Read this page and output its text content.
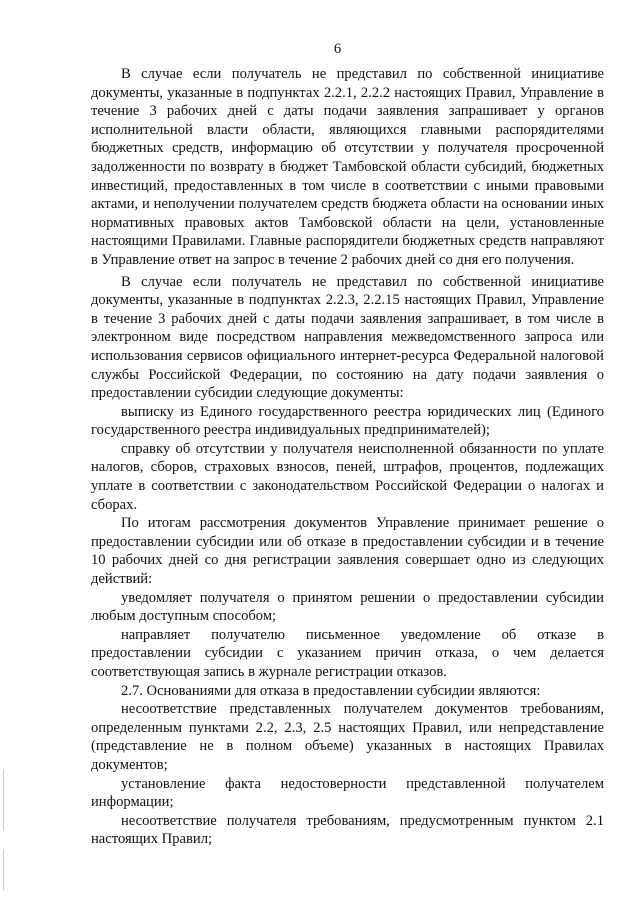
6

В случае если получатель не представил по собственной инициативе документы, указанные в подпунктах 2.2.1, 2.2.2 настоящих Правил, Управление в течение 3 рабочих дней с даты подачи заявления запрашивает у органов исполнительной власти области, являющихся главными распорядителями бюджетных средств, информацию об отсутствии у получателя просроченной задолженности по возврату в бюджет Тамбовской области субсидий, бюджетных инвестиций, предоставленных в том числе в соответствии с иными правовыми актами, и неполучении получателем средств бюджета области на основании иных нормативных правовых актов Тамбовской области на цели, установленные настоящими Правилами. Главные распорядители бюджетных средств направляют в Управление ответ на запрос в течение 2 рабочих дней со дня его получения.

В случае если получатель не представил по собственной инициативе документы, указанные в подпунктах 2.2.3, 2.2.15 настоящих Правил, Управление в течение 3 рабочих дней с даты подачи заявления запрашивает, в том числе в электронном виде посредством направления межведомственного запроса или использования сервисов официального интернет-ресурса Федеральной налоговой службы Российской Федерации, по состоянию на дату подачи заявления о предоставлении субсидии следующие документы:

выписку из Единого государственного реестра юридических лиц (Единого государственного реестра индивидуальных предпринимателей);

справку об отсутствии у получателя неисполненной обязанности по уплате налогов, сборов, страховых взносов, пеней, штрафов, процентов, подлежащих уплате в соответствии с законодательством Российской Федерации о налогах и сборах.

По итогам рассмотрения документов Управление принимает решение о предоставлении субсидии или об отказе в предоставлении субсидии и в течение 10 рабочих дней со дня регистрации заявления совершает одно из следующих действий:

уведомляет получателя о принятом решении о предоставлении субсидии любым доступным способом;

направляет получателю письменное уведомление об отказе в предоставлении субсидии с указанием причин отказа, о чем делается соответствующая запись в журнале регистрации отказов.

2.7. Основаниями для отказа в предоставлении субсидии являются:

несоответствие представленных получателем документов требованиям, определенным пунктами 2.2, 2.3, 2.5 настоящих Правил, или непредставление (представление не в полном объеме) указанных в настоящих Правилах документов;

установление факта недостоверности представленной получателем информации;

несоответствие получателя требованиям, предусмотренным пунктом 2.1 настоящих Правил;
